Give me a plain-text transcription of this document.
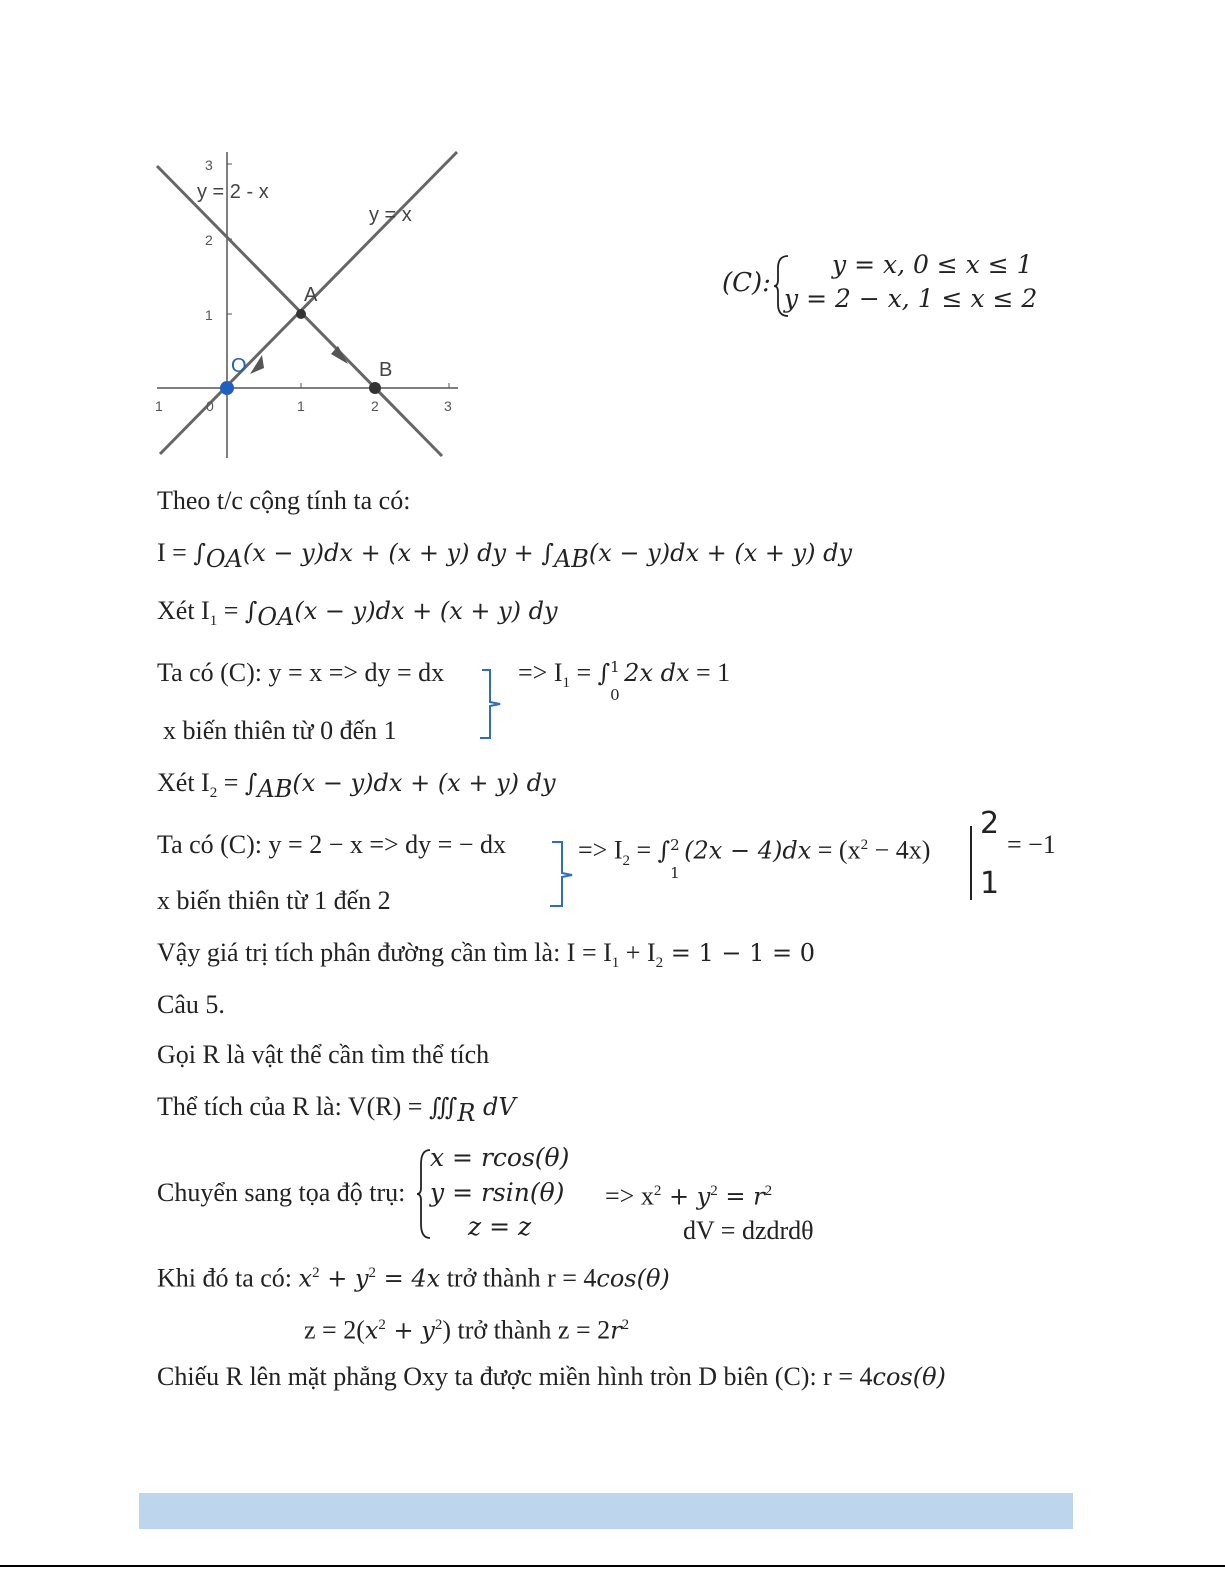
y = 2 - x
y = x
A
B
O
3
2
1
1	0	1	2	3
(C):
y = x, 0 ≤ x ≤ 1
y = 2 − x, 1 ≤ x ≤ 2
Theo t/c cộng tính ta có:
$I = \int_{OA}(x - y)dx + (x + y)$ dy + $\int_{AB}(x - y)dx + (x + y)$ dy
Xét $I_1 = \int_{OA}(x - y)dx + (x + y)$ dy
Ta có (C): y = x => dy = dx	=> $I_1$ = ∫ 1
0
2x dx = 1
x biến thiên từ 0 đến 1
Xét $I_2 = \int_{AB}(x - y)dx + (x + y)$ dy
Ta có (C): y = 2 − x => dy = − dx	=> $I_2$ = ∫ 2
1
$(2x - 4)dx = (x^2 - 4x)$
2
1
= −1
x biến thiên từ 1 đến 2
Vậy giá trị tích phân đường cần tìm là: $I = I_1 + I_2 = 1 - 1 = 0$
Câu 5.
Gọi R là vật thể cần tìm thể tích
Thể tích của R là: $V(R) = ∭_R$ dV
Chuyển sang tọa độ trụ:
x = rcos(θ)
y = rsin(θ)
z = z
=> $x^2 + y^2 = r^2$
dV = dzdrdθ
Khi đó ta có: $x^2 + y^2 = 4x$ trở thành r = 4cos(θ)
$z = 2(x^2 + y^2)$ trở thành $z = 2r^2$
Chiếu R lên mặt phẳng Oxy ta được miền hình tròn D biên (C): r = 4cos(θ)
